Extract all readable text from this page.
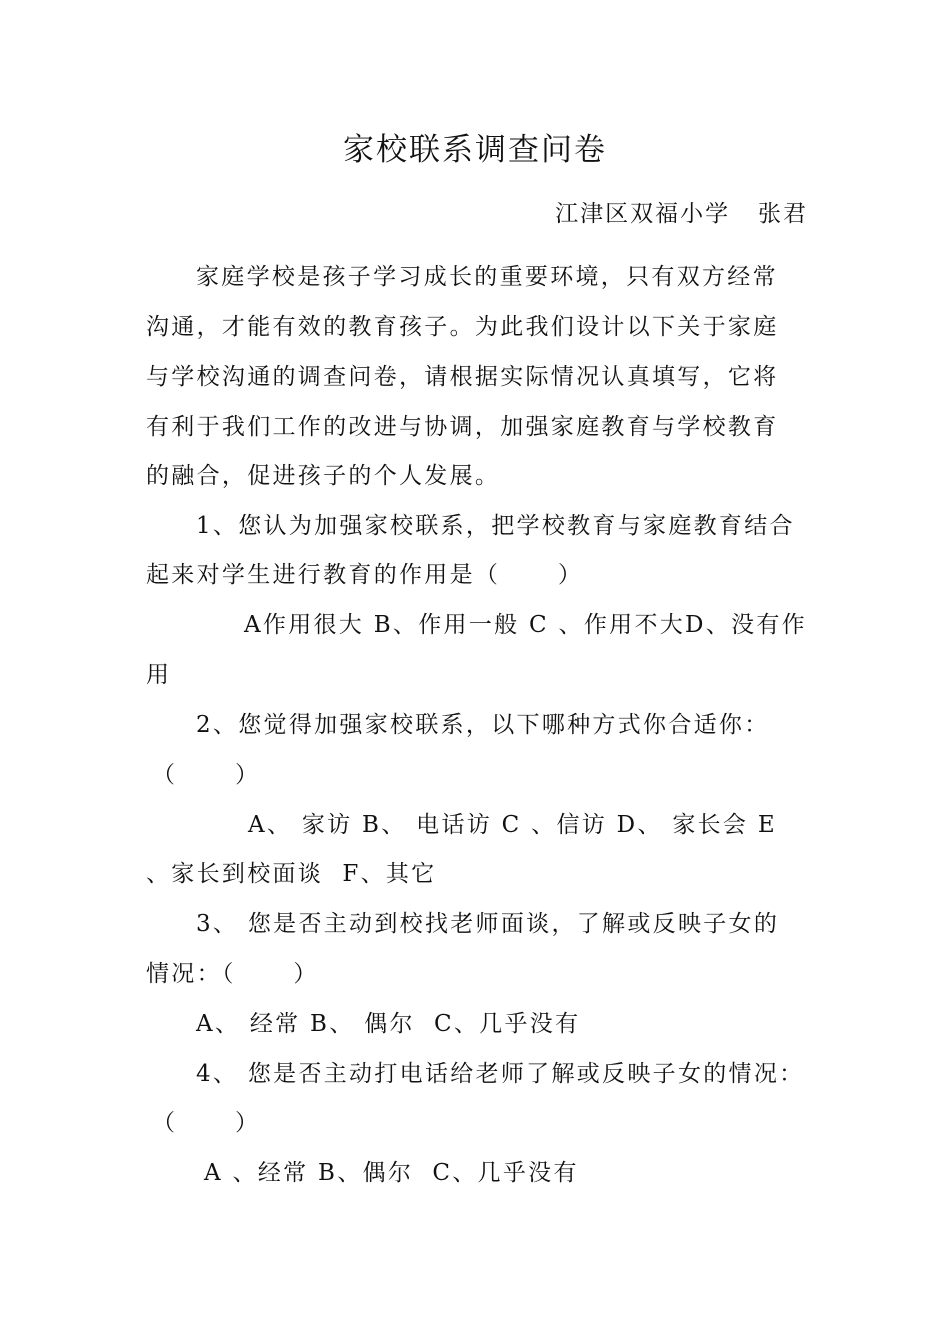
家校联系调查问卷
江津区双福小学   张君
家庭学校是孩子学习成长的重要环境，只有双方经常
沟通，才能有效的教育孩子。为此我们设计以下关于家庭
与学校沟通的调查问卷，请根据实际情况认真填写，它将
有利于我们工作的改进与协调，加强家庭教育与学校教育
的融合，促进孩子的个人发展。
1、您认为加强家校联系，把学校教育与家庭教育结合
起来对学生进行教育的作用是（      ）
A作用很大 B、作用一般 C 、作用不大D、没有作
用
2、您觉得加强家校联系，以下哪种方式你合适你：
（      ）
A、 家访 B、 电话访 C 、信访 D、 家长会 E
、家长到校面谈  F、其它
3、 您是否主动到校找老师面谈，了解或反映子女的
情况：（      ）
A、 经常 B、 偶尔  C、几乎没有
4、 您是否主动打电话给老师了解或反映子女的情况：
（      ）
A 、经常 B、偶尔  C、几乎没有
